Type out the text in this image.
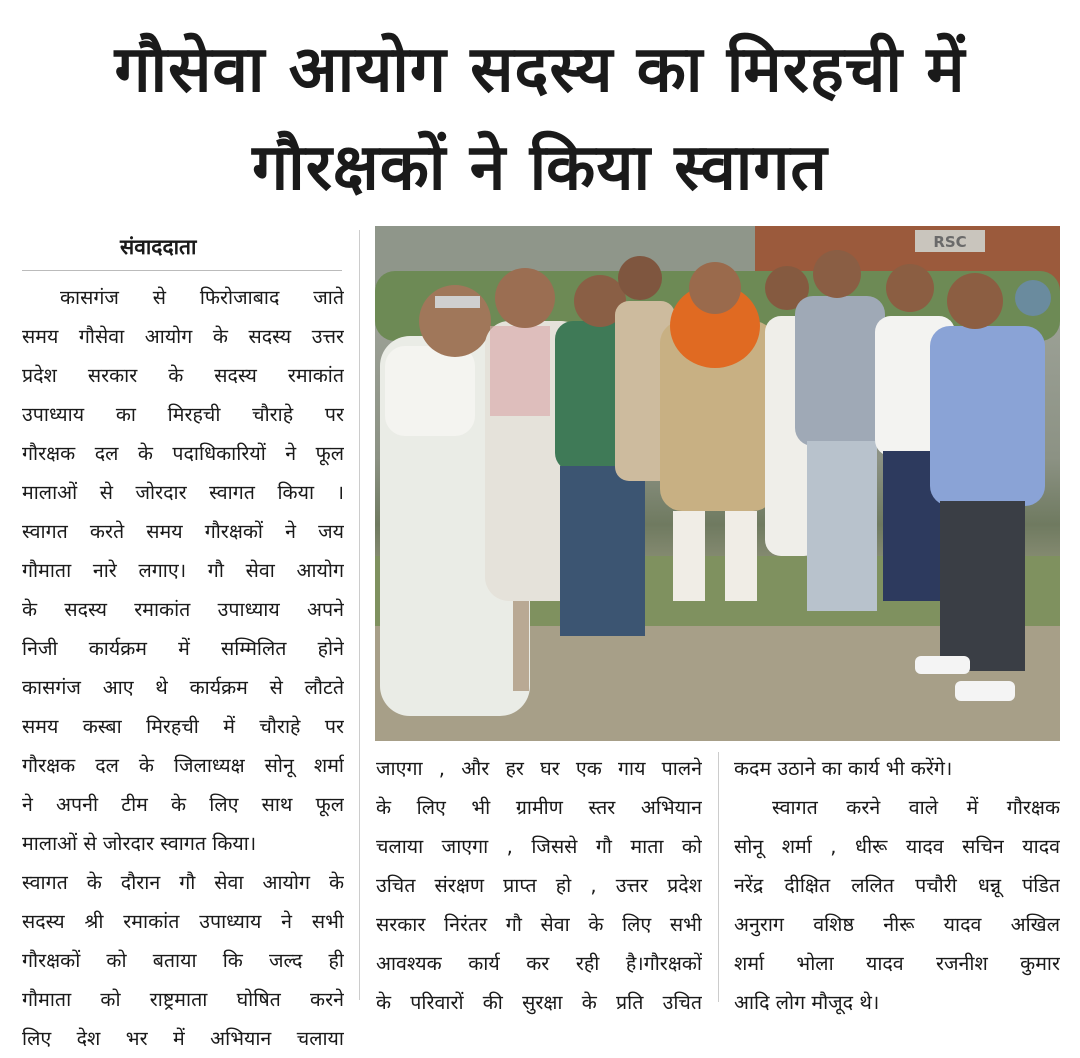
गौसेवा आयोग सदस्य का मिरहची में
गौरक्षकों ने किया स्वागत
संवाददाता
कासगंज से फिरोजाबाद जाते
समय गौसेवा आयोग के सदस्य उत्तर
प्रदेश सरकार के सदस्य रमाकांत
उपाध्याय का मिरहची चौराहे पर
गौरक्षक दल के पदाधिकारियों ने फूल
मालाओं से जोरदार स्वागत किया ।
स्वागत करते समय गौरक्षकों ने जय
गौमाता नारे लगाए। गौ सेवा आयोग
के सदस्य रमाकांत उपाध्याय अपने
निजी कार्यक्रम में सम्मिलित होने
कासगंज आए थे कार्यक्रम से लौटते
समय कस्बा मिरहची में चौराहे पर
गौरक्षक दल के जिलाध्यक्ष सोनू शर्मा
ने अपनी टीम के लिए साथ फूल
मालाओं से जोरदार स्वागत किया।
स्वागत के दौरान गौ सेवा आयोग के
सदस्य श्री रमाकांत उपाध्याय ने सभी
गौरक्षकों को बताया कि जल्द ही
गौमाता को राष्ट्रमाता घोषित करने
लिए देश भर में अभियान चलाया
जाएगा , और हर घर एक गाय पालने
के लिए भी ग्रामीण स्तर अभियान
चलाया जाएगा , जिससे गौ माता को
उचित संरक्षण प्राप्त हो , उत्तर प्रदेश
सरकार निरंतर गौ सेवा के लिए सभी
आवश्यक कार्य कर रही है।गौरक्षकों
के परिवारों की सुरक्षा के प्रति उचित
कदम उठाने का कार्य भी करेंगे।
स्वागत करने वाले में गौरक्षक
सोनू शर्मा , धीरू यादव सचिन यादव
नरेंद्र दीक्षित ललित पचौरी धन्नू पंडित
अनुराग वशिष्ठ नीरू यादव अखिल
शर्मा भोला यादव रजनीश कुमार
आदि लोग मौजूद थे।
RSC
